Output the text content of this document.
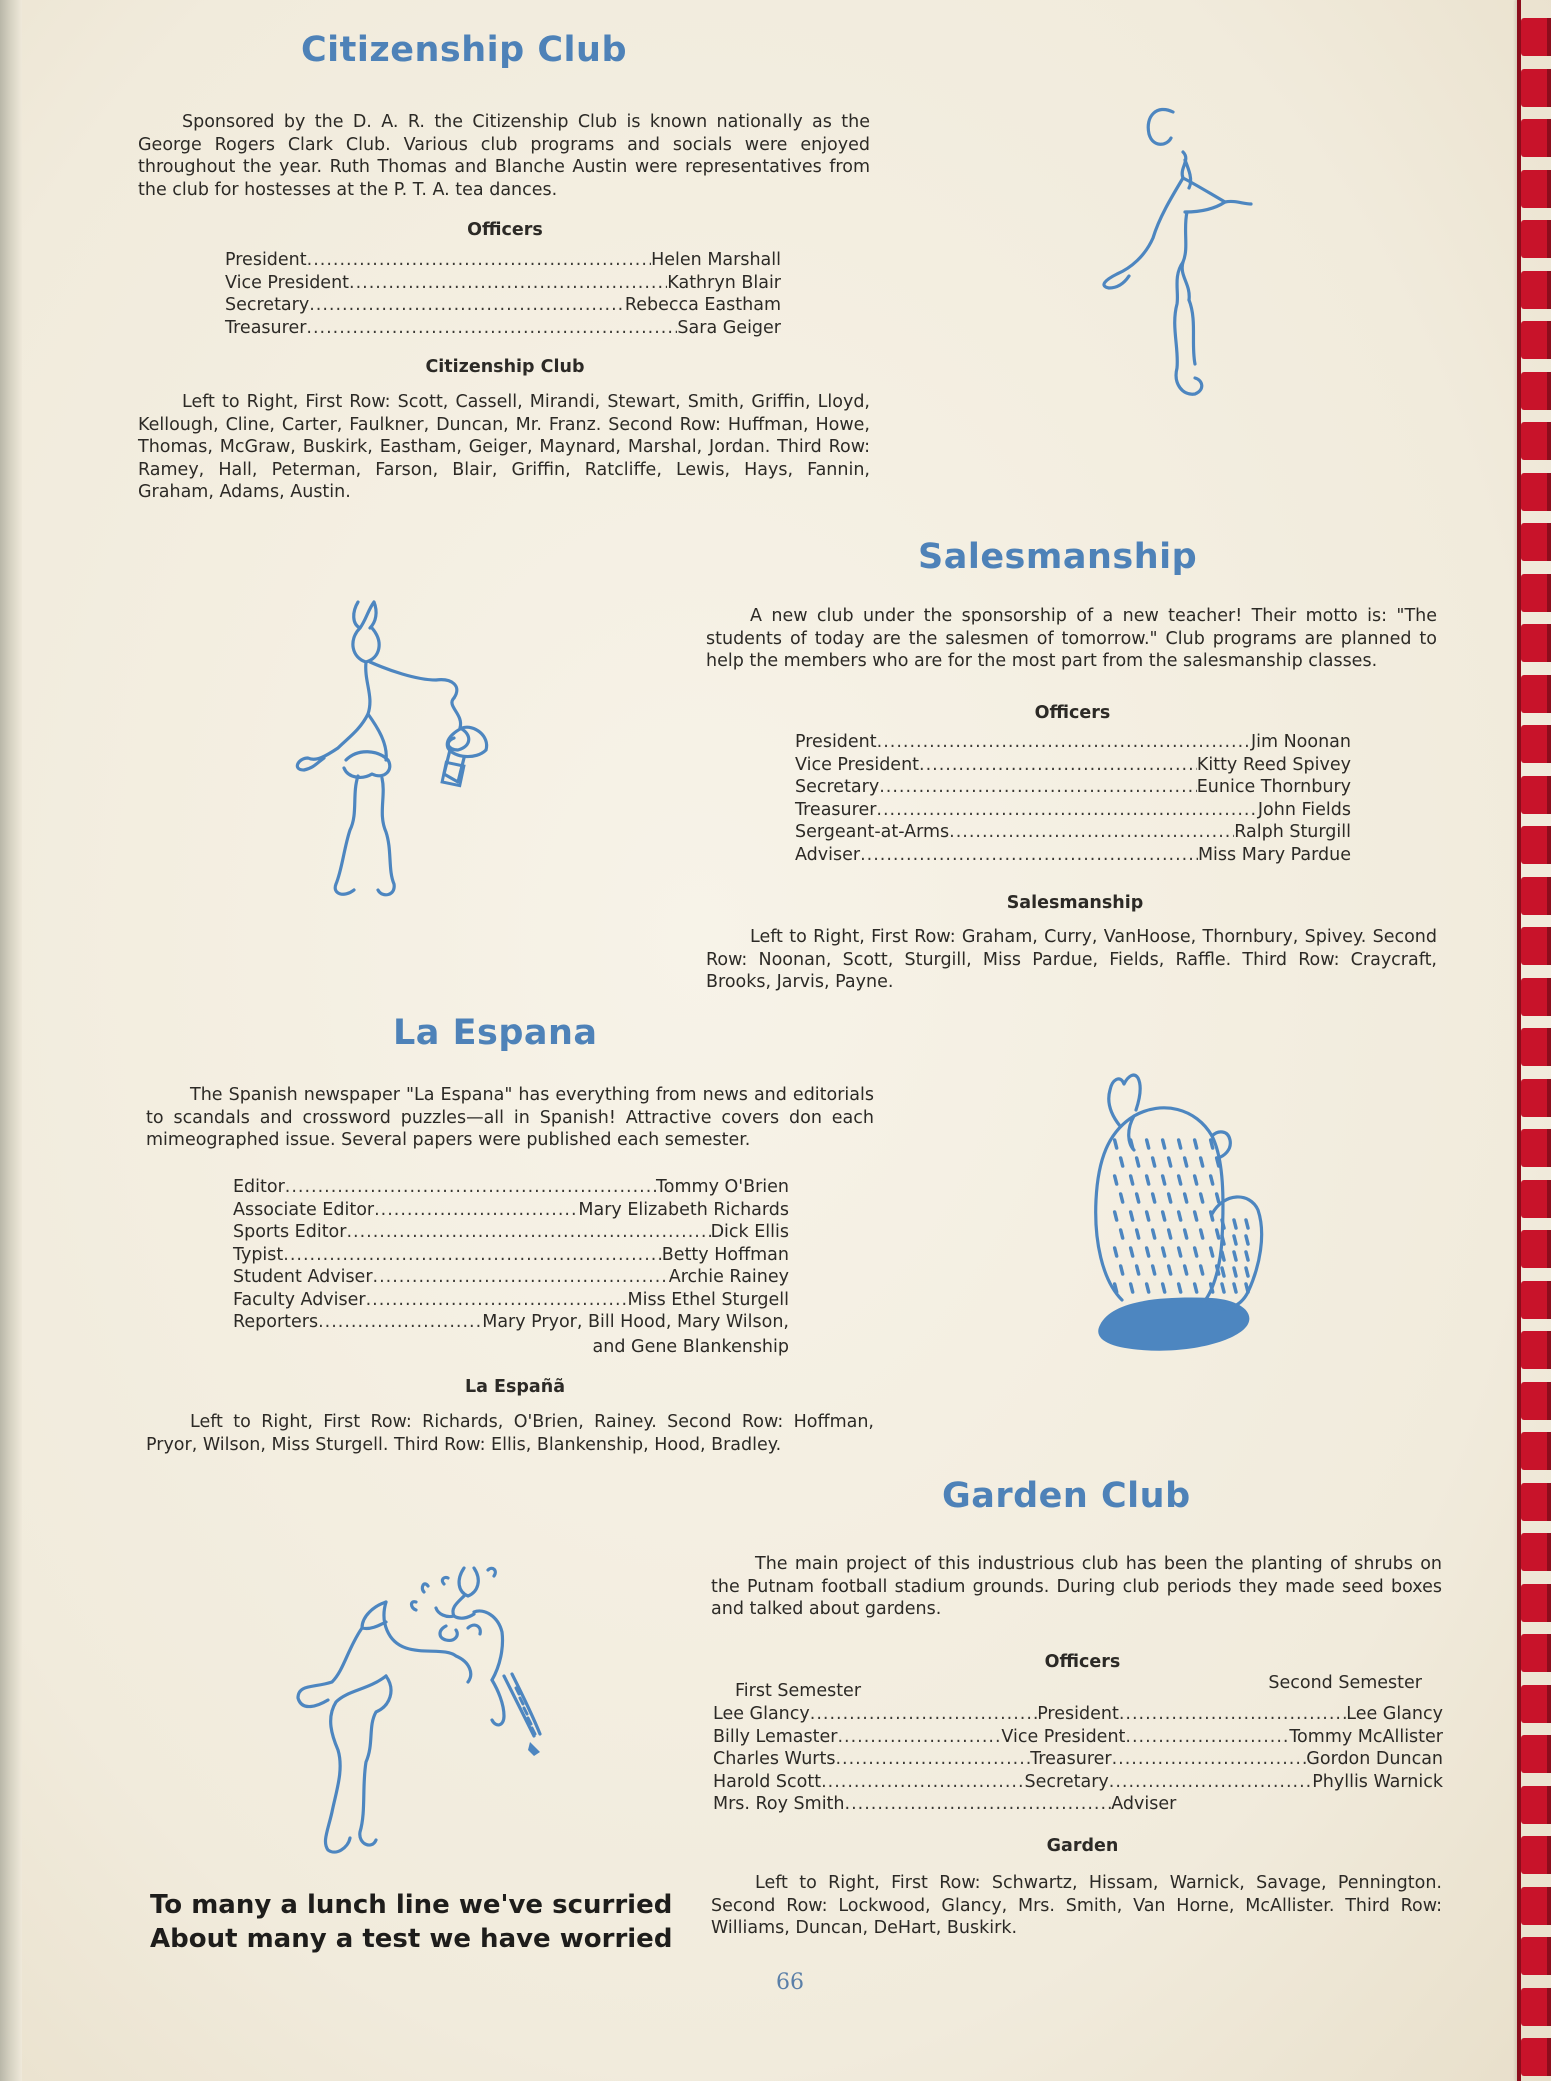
Citizenship Club

Sponsored by the D. A. R. the Citizenship Club is known nationally as the George Rogers Clark Club. Various club programs and socials were enjoyed throughout the year. Ruth Thomas and Blanche Austin were representatives from the club for hostesses at the P. T. A. tea dances.

Officers
President .....	Helen Marshall
Vice President .....	Kathryn Blair
Secretary .....	Rebecca Eastham
Treasurer .....	Sara Geiger
Citizenship Club

Left to Right, First Row: Scott, Cassell, Mirandi, Stewart, Smith, Griffin, Lloyd, Kellough, Cline, Carter, Faulkner, Duncan, Mr. Franz. Second Row: Huffman, Howe, Thomas, McGraw, Buskirk, Eastham, Geiger, Maynard, Marshal, Jordan. Third Row: Ramey, Hall, Peterman, Farson, Blair, Griffin, Ratcliffe, Lewis, Hays, Fannin, Graham, Adams, Austin.

Salesmanship

A new club under the sponsorship of a new teacher! Their motto is: "The students of today are the salesmen of tomorrow." Club programs are planned to help the members who are for the most part from the salesmanship classes.

Officers
President .....	Jim Noonan
Vice President .....	Kitty Reed Spivey
Secretary .....	Eunice Thornbury
Treasurer .....	John Fields
Sergeant-at-Arms .....	Ralph Sturgill
Adviser .....	Miss Mary Pardue
Salesmanship

Left to Right, First Row: Graham, Curry, VanHoose, Thornbury, Spivey. Second Row: Noonan, Scott, Sturgill, Miss Pardue, Fields, Raffle. Third Row: Craycraft, Brooks, Jarvis, Payne.

La Espana

The Spanish newspaper "La Espana" has everything from news and editorials to scandals and crossword puzzles—all in Spanish! Attractive covers don each mimeographed issue. Several papers were published each semester.

Editor .....	Tommy O'Brien
Associate Editor .....	Mary Elizabeth Richards
Sports Editor .....	Dick Ellis
Typist .....	Betty Hoffman
Student Adviser .....	Archie Rainey
Faculty Adviser .....	Miss Ethel Sturgell
Reporters .....	Mary Pryor, Bill Hood, Mary Wilson,
and Gene Blankenship
La Españã

Left to Right, First Row: Richards, O'Brien, Rainey. Second Row: Hoffman, Pryor, Wilson, Miss Sturgell. Third Row: Ellis, Blankenship, Hood, Bradley.

Garden Club

The main project of this industrious club has been the planting of shrubs on the Putnam football stadium grounds. During club periods they made seed boxes and talked about gardens.

Officers
Second Semester
First Semester
Lee Glancy .....	President .....	Lee Glancy
Billy Lemaster .....	Vice President .....	Tommy McAllister
Charles Wurts .....	Treasurer .....	Gordon Duncan
Harold Scott .....	Secretary .....	Phyllis Warnick
Mrs. Roy Smith .....	Adviser
Garden

Left to Right, First Row: Schwartz, Hissam, Warnick, Savage, Pennington. Second Row: Lockwood, Glancy, Mrs. Smith, Van Horne, McAllister. Third Row: Williams, Duncan, DeHart, Buskirk.

To many a lunch line we've scurried
About many a test we have worried
66
